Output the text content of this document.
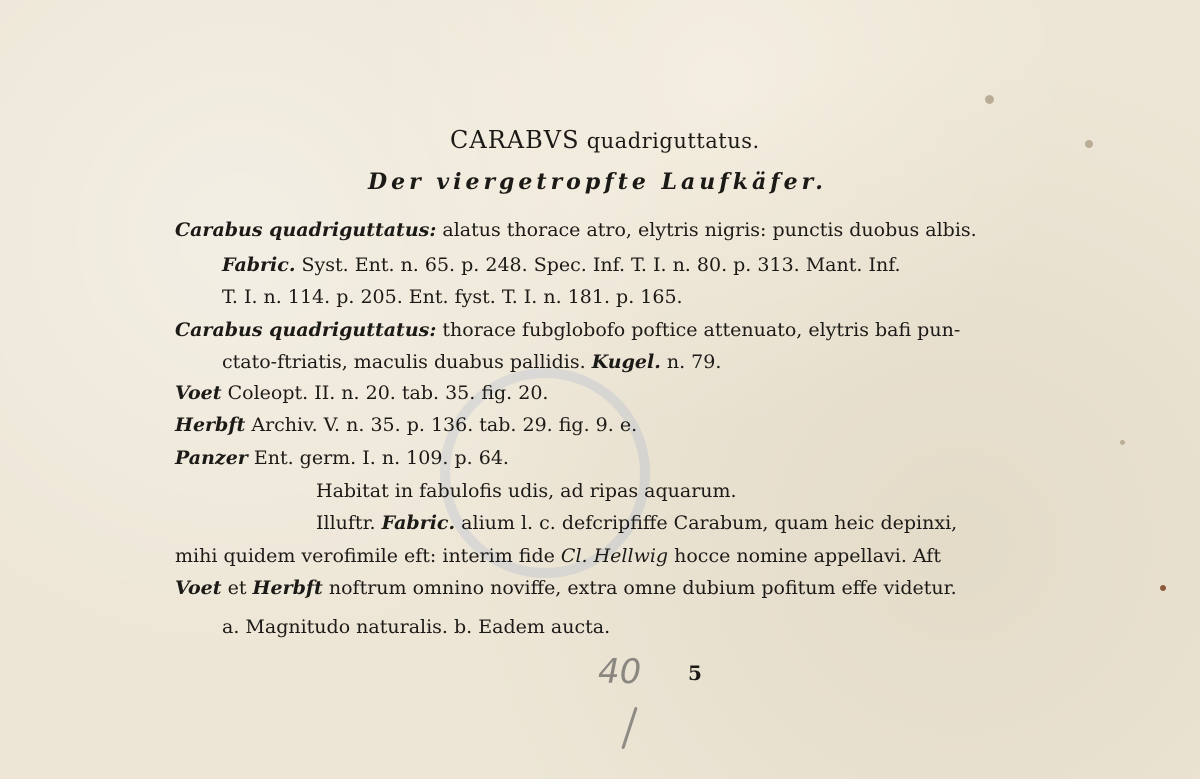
CARABVS quadriguttatus.
Der viergetropfte Laufkäfer.
Carabus quadriguttatus: alatus thorace atro, elytris nigris: punctis duobus albis.
Fabric. Syst. Ent. n. 65. p. 248. Spec. Inf. T. I. n. 80. p. 313. Mant. Inf.
T. I. n. 114. p. 205. Ent. fyst. T. I. n. 181. p. 165.
Carabus quadriguttatus: thorace fubglobofo poftice attenuato, elytris bafi pun-
ctato-ftriatis, maculis duabus pallidis. Kugel. n. 79.
Voet Coleopt. II. n. 20. tab. 35. fig. 20.
Herbft Archiv. V. n. 35. p. 136. tab. 29. fig. 9. e.
Panzer Ent. germ. I. n. 109. p. 64.
Habitat in fabulofis udis, ad ripas aquarum.
Illuftr. Fabric. alium l. c. defcripfiffe Carabum, quam heic depinxi,
mihi quidem verofimile eft: interim fide Cl. Hellwig hocce nomine appellavi. Aft
Voet et Herbft noftrum omnino noviffe, extra omne dubium pofitum effe videtur.
a. Magnitudo naturalis. b. Eadem aucta.
40 5
